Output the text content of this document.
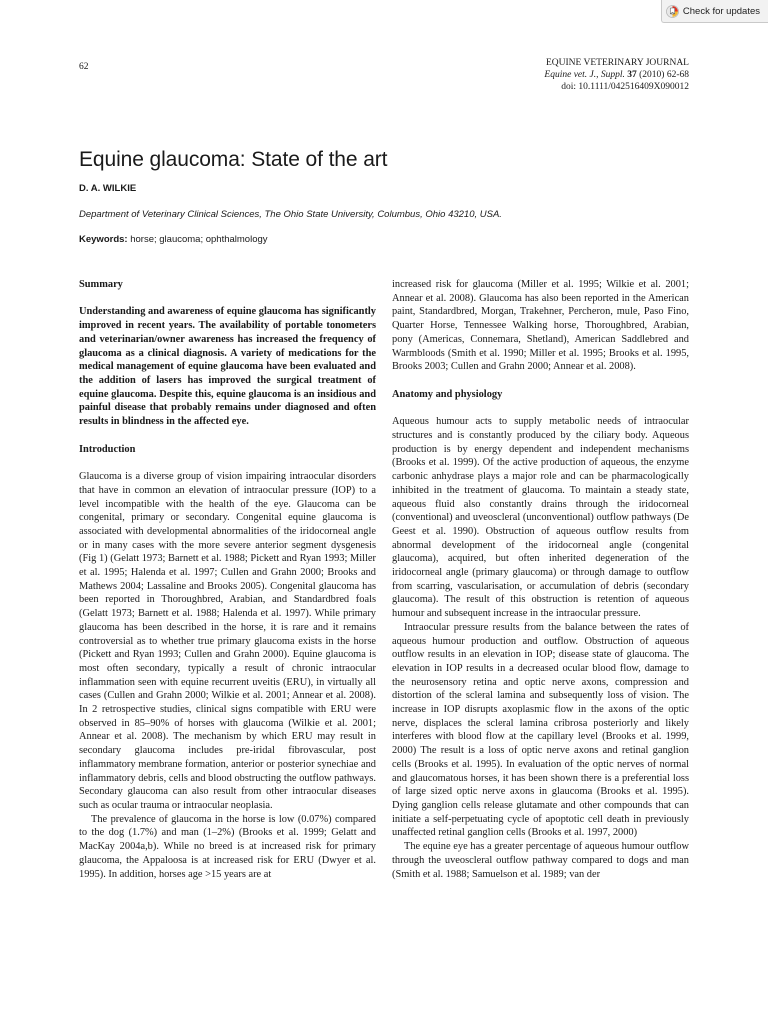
Check for updates
62	EQUINE VETERINARY JOURNAL
Equine vet. J., Suppl. 37 (2010) 62-68
doi: 10.1111/042516409X090012
Equine glaucoma: State of the art
D. A. WILKIE
Department of Veterinary Clinical Sciences, The Ohio State University, Columbus, Ohio 43210, USA.
Keywords: horse; glaucoma; ophthalmology
Summary

Understanding and awareness of equine glaucoma has significantly improved in recent years. The availability of portable tonometers and veterinarian/owner awareness has increased the frequency of glaucoma as a clinical diagnosis. A variety of medications for the medical management of equine glaucoma have been evaluated and the addition of lasers has improved the surgical treatment of equine glaucoma. Despite this, equine glaucoma is an insidious and painful disease that probably remains under diagnosed and often results in blindness in the affected eye.

Introduction

Glaucoma is a diverse group of vision impairing intraocular disorders that have in common an elevation of intraocular pressure (IOP) to a level incompatible with the health of the eye. Glaucoma can be congenital, primary or secondary. Congenital equine glaucoma is associated with developmental abnormalities of the iridocorneal angle or in many cases with the more severe anterior segment dysgenesis (Fig 1) (Gelatt 1973; Barnett et al. 1988; Pickett and Ryan 1993; Miller et al. 1995; Halenda et al. 1997; Cullen and Grahn 2000; Brooks and Mathews 2004; Lassaline and Brooks 2005). Congenital glaucoma has been reported in Thoroughbred, Arabian, and Standardbred foals (Gelatt 1973; Barnett et al. 1988; Halenda et al. 1997). While primary glaucoma has been described in the horse, it is rare and it remains controversial as to whether true primary glaucoma exists in the horse (Pickett and Ryan 1993; Cullen and Grahn 2000). Equine glaucoma is most often secondary, typically a result of chronic intraocular inflammation seen with equine recurrent uveitis (ERU), in virtually all cases (Cullen and Grahn 2000; Wilkie et al. 2001; Annear et al. 2008). In 2 retrospective studies, clinical signs compatible with ERU were observed in 85–90% of horses with glaucoma (Wilkie et al. 2001; Annear et al. 2008). The mechanism by which ERU may result in secondary glaucoma includes pre-iridal fibrovascular, post inflammatory membrane formation, anterior or posterior synechiae and inflammatory debris, cells and blood obstructing the outflow pathways. Secondary glaucoma can also result from other intraocular diseases such as ocular trauma or intraocular neoplasia.

The prevalence of glaucoma in the horse is low (0.07%) compared to the dog (1.7%) and man (1–2%) (Brooks et al. 1999; Gelatt and MacKay 2004a,b). While no breed is at increased risk for primary glaucoma, the Appaloosa is at increased risk for ERU (Dwyer et al. 1995). In addition, horses age >15 years are at

increased risk for glaucoma (Miller et al. 1995; Wilkie et al. 2001; Annear et al. 2008). Glaucoma has also been reported in the American paint, Standardbred, Morgan, Trakehner, Percheron, mule, Paso Fino, Quarter Horse, Tennessee Walking horse, Thoroughbred, Arabian, pony (Americas, Connemara, Shetland), American Saddlebred and Warmbloods (Smith et al. 1990; Miller et al. 1995; Brooks et al. 1995, Brooks 2003; Cullen and Grahn 2000; Annear et al. 2008).

Anatomy and physiology

Aqueous humour acts to supply metabolic needs of intraocular structures and is constantly produced by the ciliary body. Aqueous production is by energy dependent and independent mechanisms (Brooks et al. 1999). Of the active production of aqueous, the enzyme carbonic anhydrase plays a major role and can be pharmacologically inhibited in the treatment of glaucoma. To maintain a steady state, aqueous fluid also constantly drains through the iridocorneal (conventional) and uveoscleral (unconventional) outflow pathways (De Geest et al. 1990). Obstruction of aqueous outflow results from abnormal development of the iridocorneal angle (congenital glaucoma), acquired, but often inherited degeneration of the iridocorneal angle (primary glaucoma) or through damage to outflow from scarring, vascularisation, or accumulation of debris (secondary glaucoma). The result of this obstruction is retention of aqueous humour and subsequent increase in the intraocular pressure.

Intraocular pressure results from the balance between the rates of aqueous humour production and outflow. Obstruction of aqueous outflow results in an elevation in IOP; disease state of glaucoma. The elevation in IOP results in a decreased ocular blood flow, damage to the neurosensory retina and optic nerve axons, compression and distortion of the scleral lamina and subsequently loss of vision. The increase in IOP disrupts axoplasmic flow in the axons of the optic nerve, displaces the scleral lamina cribrosa posteriorly and likely interferes with blood flow at the capillary level (Brooks et al. 1999, 2000) The result is a loss of optic nerve axons and retinal ganglion cells (Brooks et al. 1995). In evaluation of the optic nerves of normal and glaucomatous horses, it has been shown there is a preferential loss of large sized optic nerve axons in glaucoma (Brooks et al. 1995). Dying ganglion cells release glutamate and other compounds that can initiate a self-perpetuating cycle of apoptotic cell death in previously unaffected retinal ganglion cells (Brooks et al. 1997, 2000)

The equine eye has a greater percentage of aqueous humour outflow through the uveoscleral outflow pathway compared to dogs and man (Smith et al. 1988; Samuelson et al. 1989; van der
